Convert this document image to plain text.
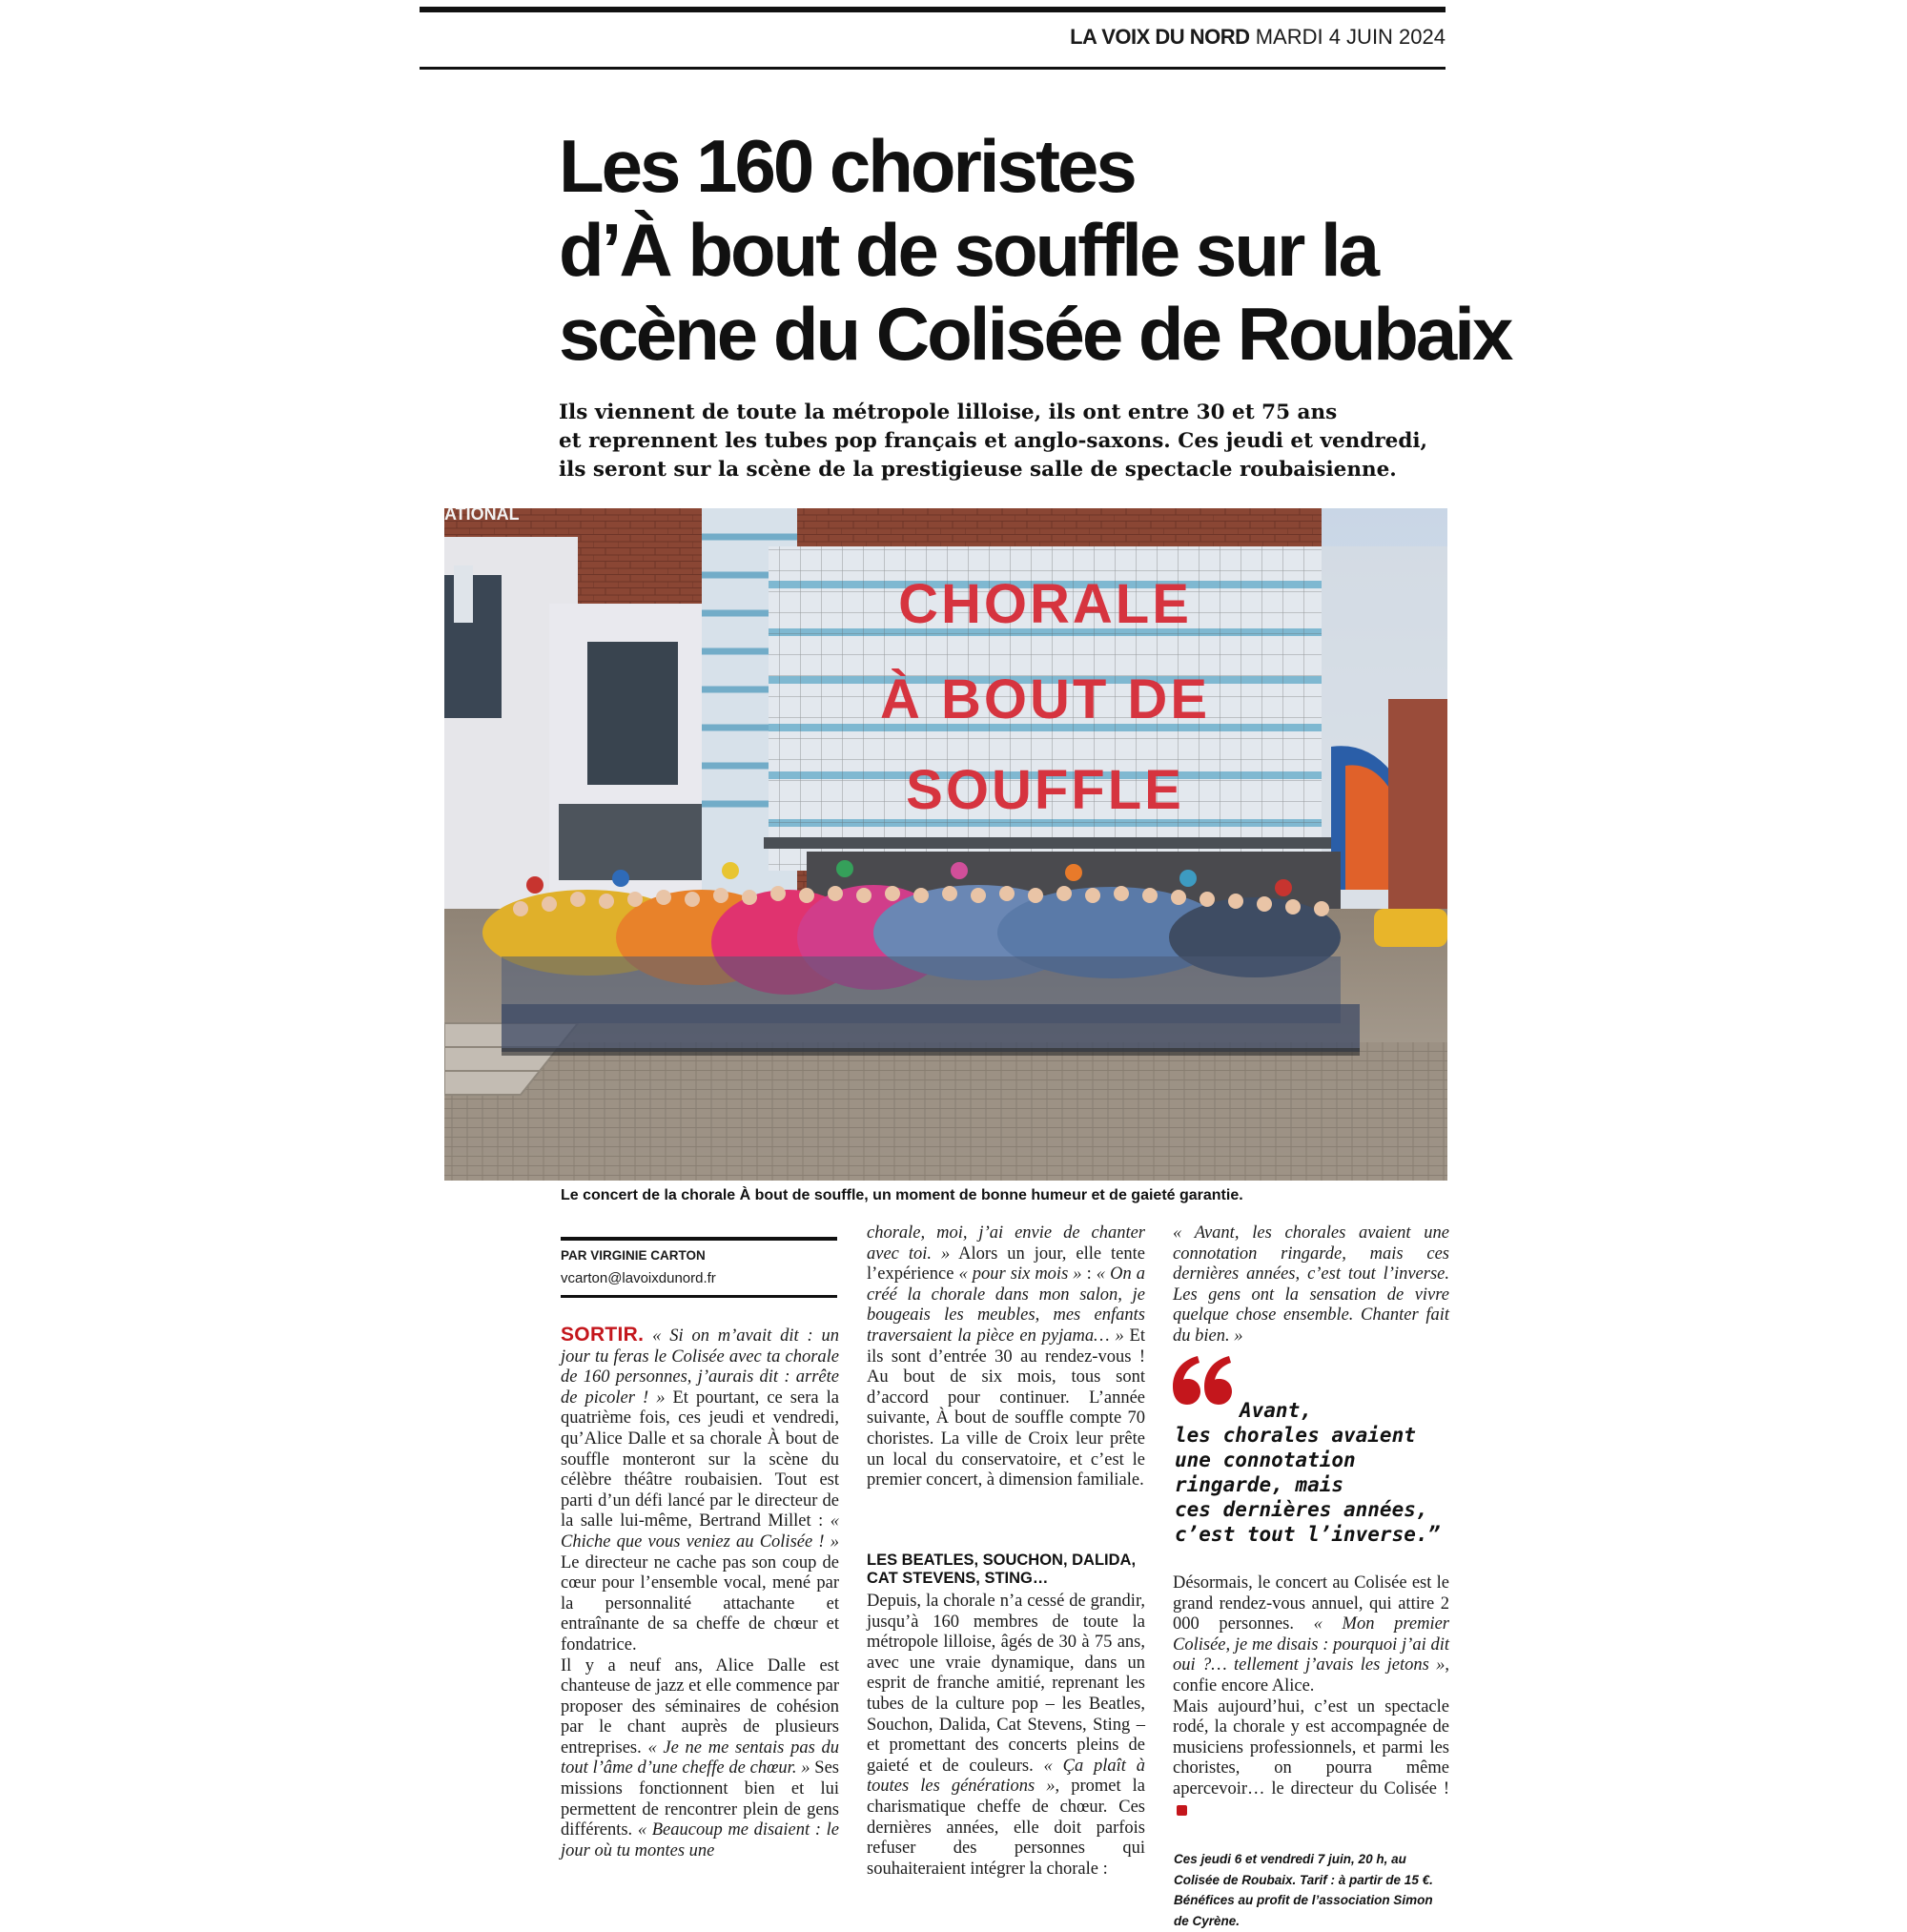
LA VOIX DU NORD MARDI 4 JUIN 2024
Les 160 choristes
d’À bout de souffle sur la
scène du Colisée de Roubaix
Ils viennent de toute la métropole lilloise, ils ont entre 30 et 75 ans
et reprennent les tubes pop français et anglo-saxons. Ces jeudi et vendredi,
ils seront sur la scène de la prestigieuse salle de spectacle roubaisienne.
CHORALE
À BOUT DE
SOUFFLE
ATIONAL
Le concert de la chorale À bout de souffle, un moment de bonne humeur et de gaieté garantie.
PAR VIRGINIE CARTON
vcarton@lavoixdunord.fr

SORTIR. « Si on m’avait dit : un jour tu feras le Colisée avec ta chorale de 160 personnes, j’aurais dit : arrête de picoler ! » Et pourtant, ce sera la quatrième fois, ces jeudi et vendredi, qu’Alice Dalle et sa chorale À bout de souffle monteront sur la scène du célèbre théâtre roubaisien. Tout est parti d’un défi lancé par le directeur de la salle lui-même, Bertrand Millet : « Chiche que vous veniez au Colisée ! » Le directeur ne cache pas son coup de cœur pour l’ensemble vocal, mené par la personnalité attachante et entraînante de sa cheffe de chœur et fondatrice.

Il y a neuf ans, Alice Dalle est chanteuse de jazz et elle commence par proposer des séminaires de cohésion par le chant auprès de plusieurs entreprises. « Je ne me sentais pas du tout l’âme d’une cheffe de chœur. » Ses missions fonctionnent bien et lui permettent de rencontrer plein de gens différents. « Beaucoup me disaient : le jour où tu montes une

chorale, moi, j’ai envie de chanter avec toi. » Alors un jour, elle tente l’expérience « pour six mois » : « On a créé la chorale dans mon salon, je bougeais les meubles, mes enfants traversaient la pièce en pyjama… » Et ils sont d’entrée 30 au rendez-vous ! Au bout de six mois, tous sont d’accord pour continuer. L’année suivante, À bout de souffle compte 70 choristes. La ville de Croix leur prête un local du conservatoire, et c’est le premier concert, à dimension familiale.

LES BEATLES, SOUCHON, DALIDA, CAT STEVENS, STING…

Depuis, la chorale n’a cessé de grandir, jusqu’à 160 membres de toute la métropole lilloise, âgés de 30 à 75 ans, avec une vraie dynamique, dans un esprit de franche amitié, reprenant les tubes de la culture pop – les Beatles, Souchon, Dalida, Cat Stevens, Sting – et promettant des concerts pleins de gaieté et de couleurs. « Ça plaît à toutes les générations », promet la charismatique cheffe de chœur. Ces dernières années, elle doit parfois refuser des personnes qui souhaiteraient intégrer la chorale :

« Avant, les chorales avaient une connotation ringarde, mais ces dernières années, c’est tout l’inverse. Les gens ont la sensation de vivre quelque chose ensemble. Chanter fait du bien. »

Avant,
les chorales avaient
une connotation
ringarde, mais
ces dernières années,
c’est tout l’inverse.”

Désormais, le concert au Colisée est le grand rendez-vous annuel, qui attire 2 000 personnes. « Mon premier Colisée, je me disais : pourquoi j’ai dit oui ?… tellement j’avais les jetons », confie encore Alice.

Mais aujourd’hui, c’est un spectacle rodé, la chorale y est accompagnée de musiciens professionnels, et parmi les choristes, on pourra même apercevoir… le directeur du Colisée !

Ces jeudi 6 et vendredi 7 juin, 20 h, au Colisée de Roubaix. Tarif : à partir de 15 €. Bénéfices au profit de l’association Simon de Cyrène.
